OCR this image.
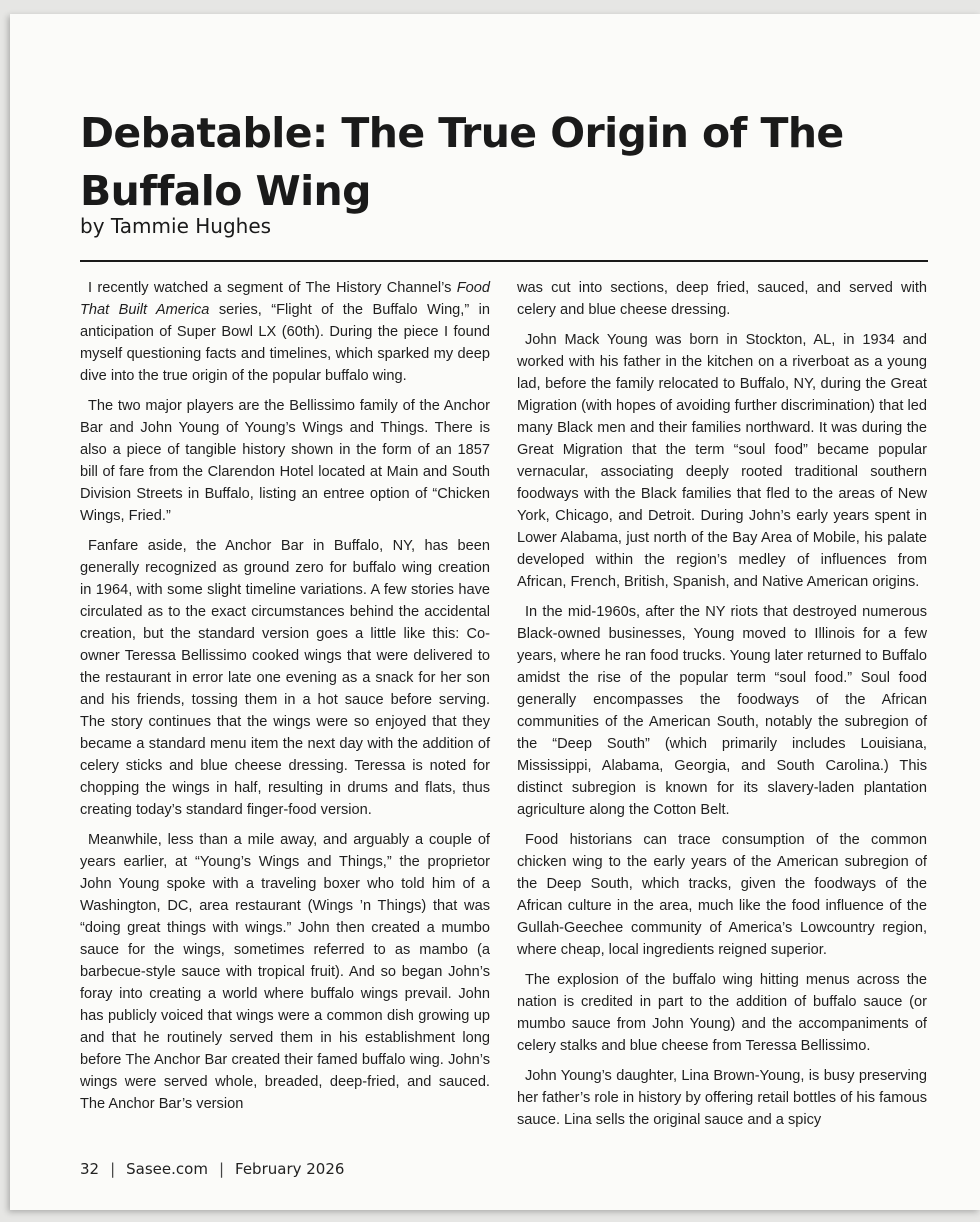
Debatable: The True Origin of The Buffalo Wing

by Tammie Hughes

I recently watched a segment of The History Channel’s Food That Built America series, “Flight of the Buffalo Wing,” in anticipation of Super Bowl LX (60th). During the piece I found myself questioning facts and timelines, which sparked my deep dive into the true origin of the popular buffalo wing.

The two major players are the Bellissimo family of the Anchor Bar and John Young of Young’s Wings and Things. There is also a piece of tangible history shown in the form of an 1857 bill of fare from the Clarendon Hotel located at Main and South Division Streets in Buffalo, listing an entree option of “Chicken Wings, Fried.”

Fanfare aside, the Anchor Bar in Buffalo, NY, has been generally recognized as ground zero for buffalo wing creation in 1964, with some slight timeline variations. A few stories have circulated as to the exact circumstances behind the accidental creation, but the standard version goes a little like this: Co-owner Teressa Bellissimo cooked wings that were delivered to the restaurant in error late one evening as a snack for her son and his friends, tossing them in a hot sauce before serving. The story continues that the wings were so enjoyed that they became a standard menu item the next day with the addition of celery sticks and blue cheese dressing. Teressa is noted for chopping the wings in half, resulting in drums and flats, thus creating today’s standard finger-food version.

Meanwhile, less than a mile away, and arguably a couple of years earlier, at “Young’s Wings and Things,” the proprietor John Young spoke with a traveling boxer who told him of a Washington, DC, area restaurant (Wings ’n Things) that was “doing great things with wings.” John then created a mumbo sauce for the wings, sometimes referred to as mambo (a barbecue-style sauce with tropical fruit). And so began John’s foray into creating a world where buffalo wings prevail. John has publicly voiced that wings were a common dish growing up and that he routinely served them in his establishment long before The Anchor Bar created their famed buffalo wing. John’s wings were served whole, breaded, deep-fried, and sauced. The Anchor Bar’s version

was cut into sections, deep fried, sauced, and served with celery and blue cheese dressing.

John Mack Young was born in Stockton, AL, in 1934 and worked with his father in the kitchen on a riverboat as a young lad, before the family relocated to Buffalo, NY, during the Great Migration (with hopes of avoiding further discrimination) that led many Black men and their families northward. It was during the Great Migration that the term “soul food” became popular vernacular, associating deeply rooted traditional southern foodways with the Black families that fled to the areas of New York, Chicago, and Detroit. During John’s early years spent in Lower Alabama, just north of the Bay Area of Mobile, his palate developed within the region’s medley of influences from African, French, British, Spanish, and Native American origins.

In the mid-1960s, after the NY riots that destroyed numerous Black-owned businesses, Young moved to Illinois for a few years, where he ran food trucks. Young later returned to Buffalo amidst the rise of the popular term “soul food.” Soul food generally encompasses the foodways of the African communities of the American South, notably the subregion of the “Deep South” (which primarily includes Louisiana, Mississippi, Alabama, Georgia, and South Carolina.) This distinct subregion is known for its slavery-laden plantation agriculture along the Cotton Belt.

Food historians can trace consumption of the common chicken wing to the early years of the American subregion of the Deep South, which tracks, given the foodways of the African culture in the area, much like the food influence of the Gullah-Geechee community of America’s Lowcountry region, where cheap, local ingredients reigned superior.

The explosion of the buffalo wing hitting menus across the nation is credited in part to the addition of buffalo sauce (or mumbo sauce from John Young) and the accompaniments of celery stalks and blue cheese from Teressa Bellissimo.

John Young’s daughter, Lina Brown-Young, is busy preserving her father’s role in history by offering retail bottles of his famous sauce. Lina sells the original sauce and a spicy

32 | Sasee.com | February 2026
